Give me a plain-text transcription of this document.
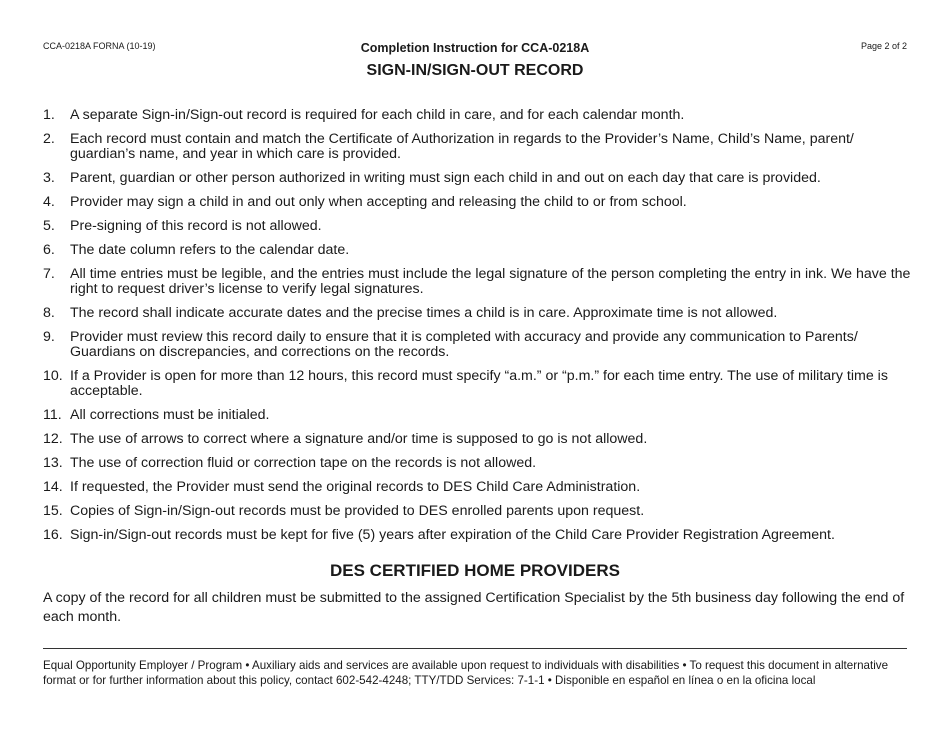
CCA-0218A FORNA (10-19)	Completion Instruction for CCA-0218A	Page 2 of 2
SIGN-IN/SIGN-OUT RECORD
1.	A separate Sign-in/Sign-out record is required for each child in care, and for each calendar month.
2.	Each record must contain and match the Certificate of Authorization in regards to the Provider’s Name, Child’s Name, parent/ guardian’s name, and year in which care is provided.
3.	Parent, guardian or other person authorized in writing must sign each child in and out on each day that care is provided.
4.	Provider may sign a child in and out only when accepting and releasing the child to or from school.
5.	Pre-signing of this record is not allowed.
6.	The date column refers to the calendar date.
7.	All time entries must be legible, and the entries must include the legal signature of the person completing the entry in ink. We have the right to request driver’s license to verify legal signatures.
8.	The record shall indicate accurate dates and the precise times a child is in care. Approximate time is not allowed.
9.	Provider must review this record daily to ensure that it is completed with accuracy and provide any communication to Parents/ Guardians on discrepancies, and corrections on the records.
10. If a Provider is open for more than 12 hours, this record must specify “a.m.” or “p.m.” for each time entry. The use of military time is acceptable.
11. All corrections must be initialed.
12. The use of arrows to correct where a signature and/or time is supposed to go is not allowed.
13. The use of correction fluid or correction tape on the records is not allowed.
14. If requested, the Provider must send the original records to DES Child Care Administration.
15. Copies of Sign-in/Sign-out records must be provided to DES enrolled parents upon request.
16. Sign-in/Sign-out records must be kept for five (5) years after expiration of the Child Care Provider Registration Agreement.
DES CERTIFIED HOME PROVIDERS
A copy of the record for all children must be submitted to the assigned Certification Specialist by the 5th business day following the end of each month.
Equal Opportunity Employer / Program • Auxiliary aids and services are available upon request to individuals with disabilities • To request this document in alternative format or for further information about this policy, contact 602-542-4248; TTY/TDD Services: 7-1-1 • Disponible en español en línea o en la oficina local
